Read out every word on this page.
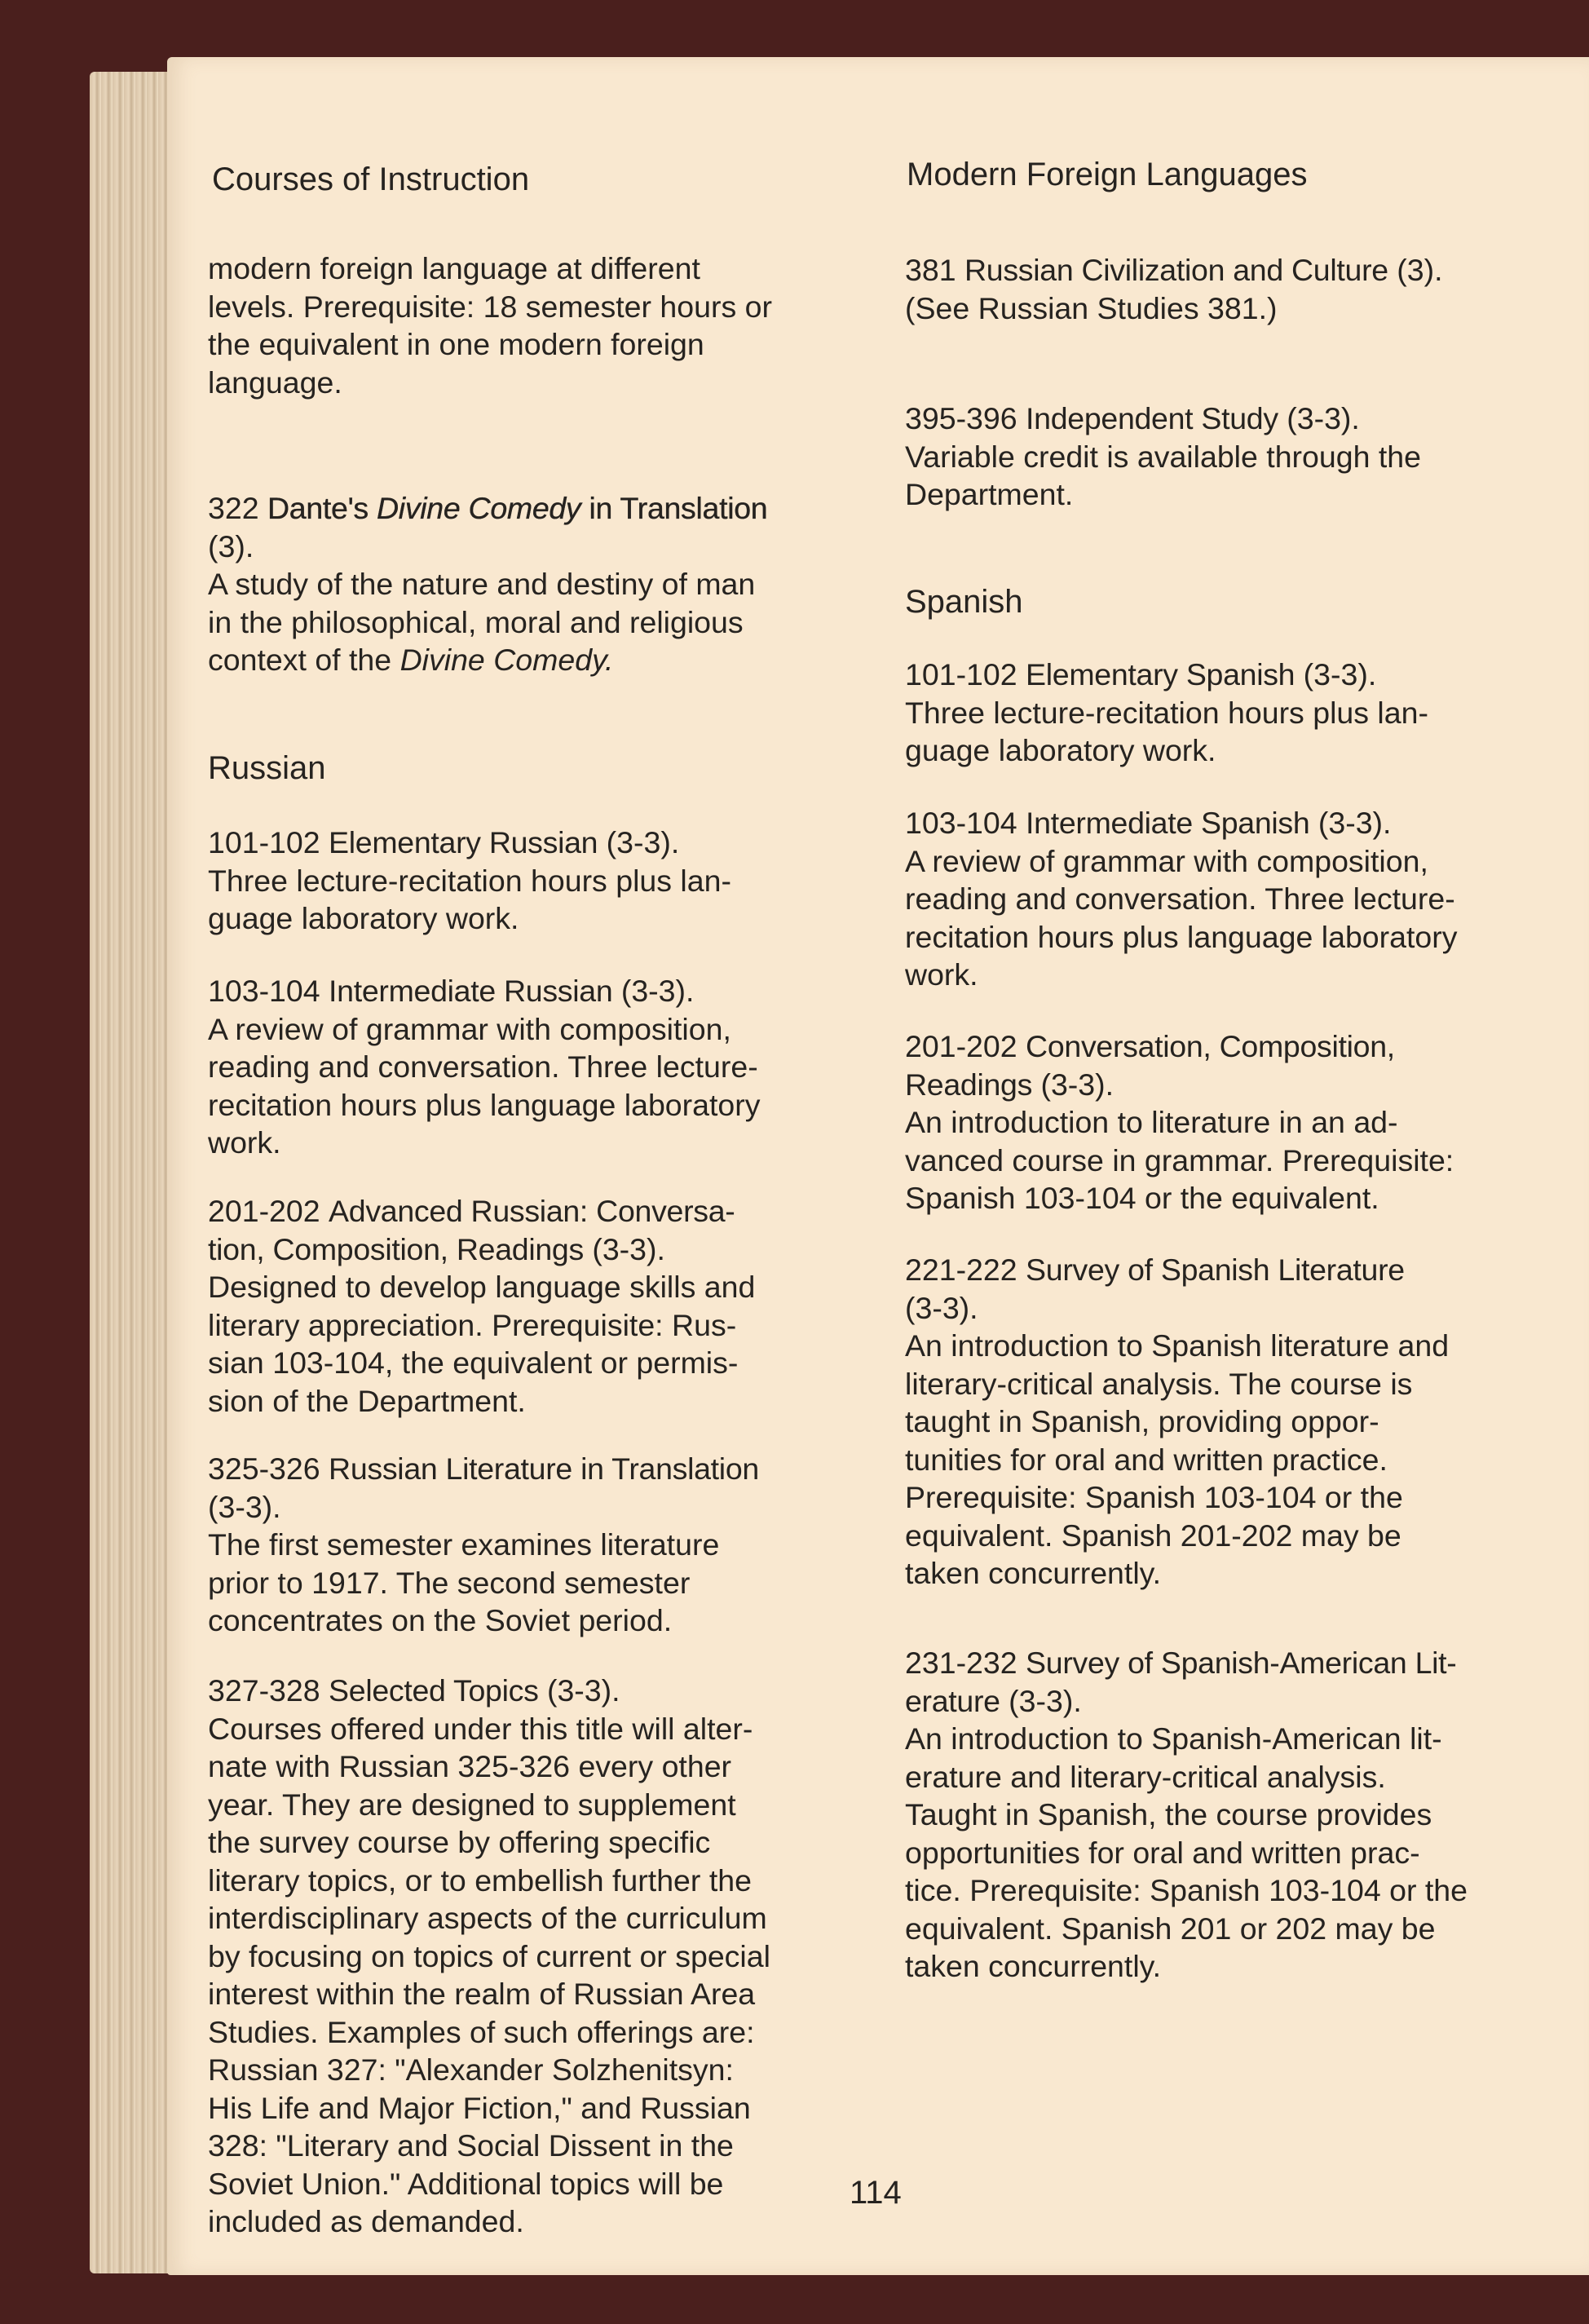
Courses of Instruction	Modern Foreign Languages
modern foreign language at different
levels. Prerequisite: 18 semester hours or
the equivalent in one modern foreign
language.
322 Dante's Divine Comedy in Translation
(3).
A study of the nature and destiny of man
in the philosophical, moral and religious
context of the Divine Comedy.
Russian
101-102 Elementary Russian (3-3).
Three lecture-recitation hours plus lan-
guage laboratory work.
103-104 Intermediate Russian (3-3).
A review of grammar with composition,
reading and conversation. Three lecture-
recitation hours plus language laboratory
work.
201-202 Advanced Russian: Conversa-
tion, Composition, Readings (3-3).
Designed to develop language skills and
literary appreciation. Prerequisite: Rus-
sian 103-104, the equivalent or permis-
sion of the Department.
325-326 Russian Literature in Translation
(3-3).
The first semester examines literature
prior to 1917. The second semester
concentrates on the Soviet period.
327-328 Selected Topics (3-3).
Courses offered under this title will alter-
nate with Russian 325-326 every other
year. They are designed to supplement
the survey course by offering specific
literary topics, or to embellish further the
interdisciplinary aspects of the curriculum
by focusing on topics of current or special
interest within the realm of Russian Area
Studies. Examples of such offerings are:
Russian 327: "Alexander Solzhenitsyn:
His Life and Major Fiction," and Russian
328: "Literary and Social Dissent in the
Soviet Union." Additional topics will be
included as demanded.
381 Russian Civilization and Culture (3).
(See Russian Studies 381.)
395-396 Independent Study (3-3).
Variable credit is available through the
Department.
Spanish
101-102 Elementary Spanish (3-3).
Three lecture-recitation hours plus lan-
guage laboratory work.
103-104 Intermediate Spanish (3-3).
A review of grammar with composition,
reading and conversation. Three lecture-
recitation hours plus language laboratory
work.
201-202 Conversation, Composition,
Readings (3-3).
An introduction to literature in an ad-
vanced course in grammar. Prerequisite:
Spanish 103-104 or the equivalent.
221-222 Survey of Spanish Literature
(3-3).
An introduction to Spanish literature and
literary-critical analysis. The course is
taught in Spanish, providing oppor-
tunities for oral and written practice.
Prerequisite: Spanish 103-104 or the
equivalent. Spanish 201-202 may be
taken concurrently.
231-232 Survey of Spanish-American Lit-
erature (3-3).
An introduction to Spanish-American lit-
erature and literary-critical analysis.
Taught in Spanish, the course provides
opportunities for oral and written prac-
tice. Prerequisite: Spanish 103-104 or the
equivalent. Spanish 201 or 202 may be
taken concurrently.
114
